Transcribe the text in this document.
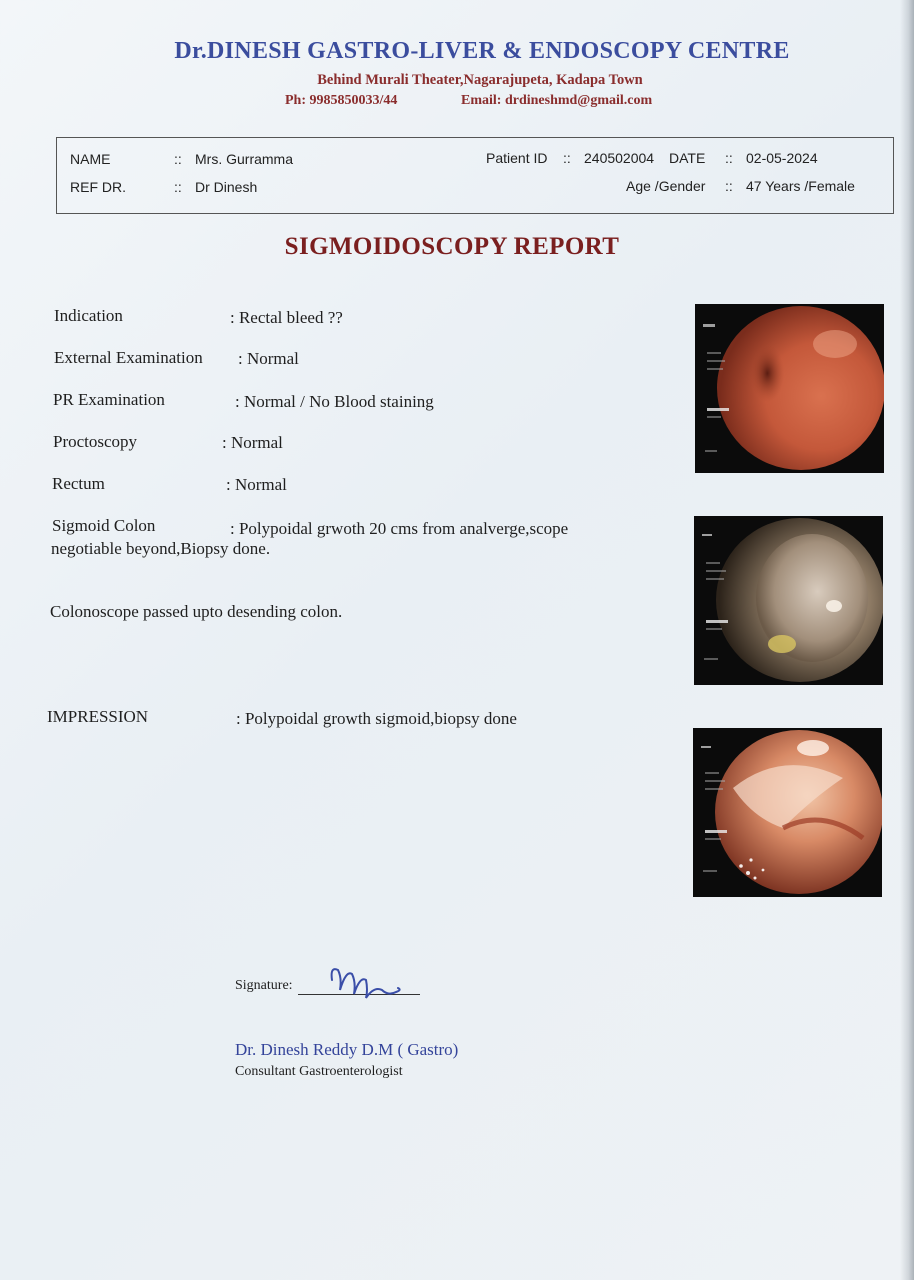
Dr.DINESH GASTRO-LIVER & ENDOSCOPY CENTRE
Behind Murali Theater,Nagarajupeta, Kadapa Town
Ph: 9985850033/44	Email: drdineshmd@gmail.com
NAME	:: Mrs. Gurramma
REF DR.	:: Dr Dinesh
Patient ID :: 240502004 DATE :: 02-05-2024
Age /Gender :: 47 Years /Female
SIGMOIDOSCOPY REPORT
Indication	: Rectal bleed ??
External Examination : Normal
PR Examination	: Normal / No Blood staining
Proctoscopy	: Normal
Rectum	: Normal
Sigmoid Colon	: Polypoidal grwoth 20 cms from analverge,scope
negotiable beyond,Biopsy done.
Colonoscope passed upto desending colon.
IMPRESSION	: Polypoidal growth sigmoid,biopsy done
Signature:
Dr. Dinesh Reddy D.M ( Gastro)
Consultant Gastroenterologist
